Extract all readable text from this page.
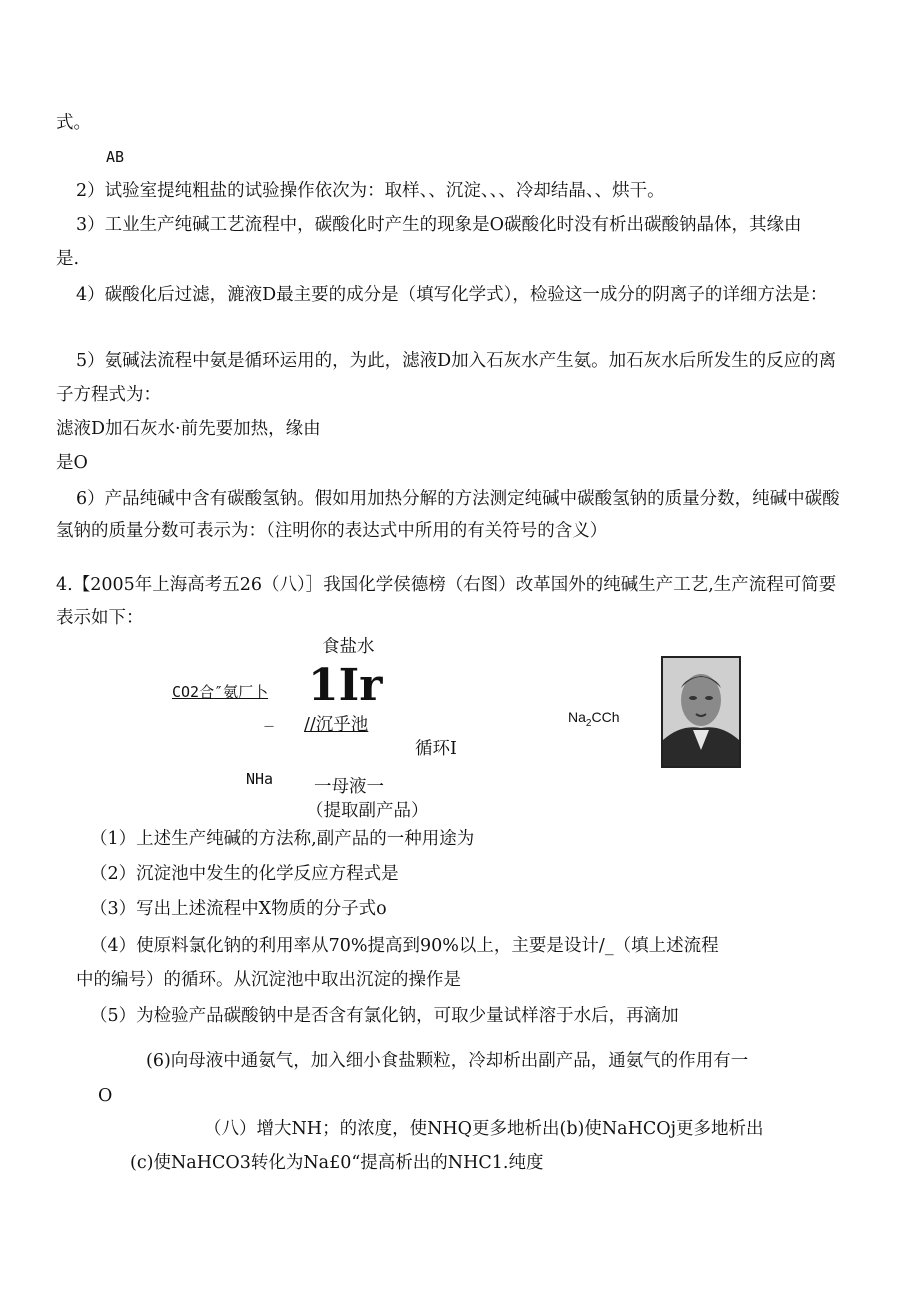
式。
AB
2）试验室提纯粗盐的试验操作依次为：取样、、沉淀、、、冷却结晶、、烘干。
3）工业生产纯碱工艺流程中，碳酸化时产生的现象是O碳酸化时没有析出碳酸钠晶体，其缘由
是.
4）碳酸化后过滤，漉液D最主要的成分是（填写化学式），检验这一成分的阴离子的详细方法是：
5）氨碱法流程中氨是循环运用的，为此，滤液D加入石灰水产生氨。加石灰水后所发生的反应的离
子方程式为：
滤液D加石灰水·前先要加热，缘由
是O
6）产品纯碱中含有碳酸氢钠。假如用加热分解的方法测定纯碱中碳酸氢钠的质量分数，纯碱中碳酸
氢钠的质量分数可表示为：（注明你的表达式中所用的有关符号的含义）
4.【2005年上海高考五26（八）］我国化学侯德榜（右图）改革国外的纯碱生产工艺,生产流程可简要
表示如下：
食盐水
CO2合″氨厂卜 1Ir
— //沉乎池	$Na_2CCh$
循环I
NHa 一母液一
（提取副产品）
（1）上述生产纯碱的方法称,副产品的一种用途为
（2）沉淀池中发生的化学反应方程式是
（3）写出上述流程中X物质的分子式o
（4）使原料氯化钠的利用率从70%提高到90%以上，主要是设计/_（填上述流程
中的编号）的循环。从沉淀池中取出沉淀的操作是
（5）为检验产品碳酸钠中是否含有氯化钠，可取少量试样溶于水后，再滴加
(6)向母液中通氨气，加入细小食盐颗粒，冷却析出副产品，通氨气的作用有一
O
（八）增大NH；的浓度，使NHQ更多地析出(b)使NaHCOj更多地析出
(c)使NaHCO3转化为Na£0“提高析出的NHC1.纯度
